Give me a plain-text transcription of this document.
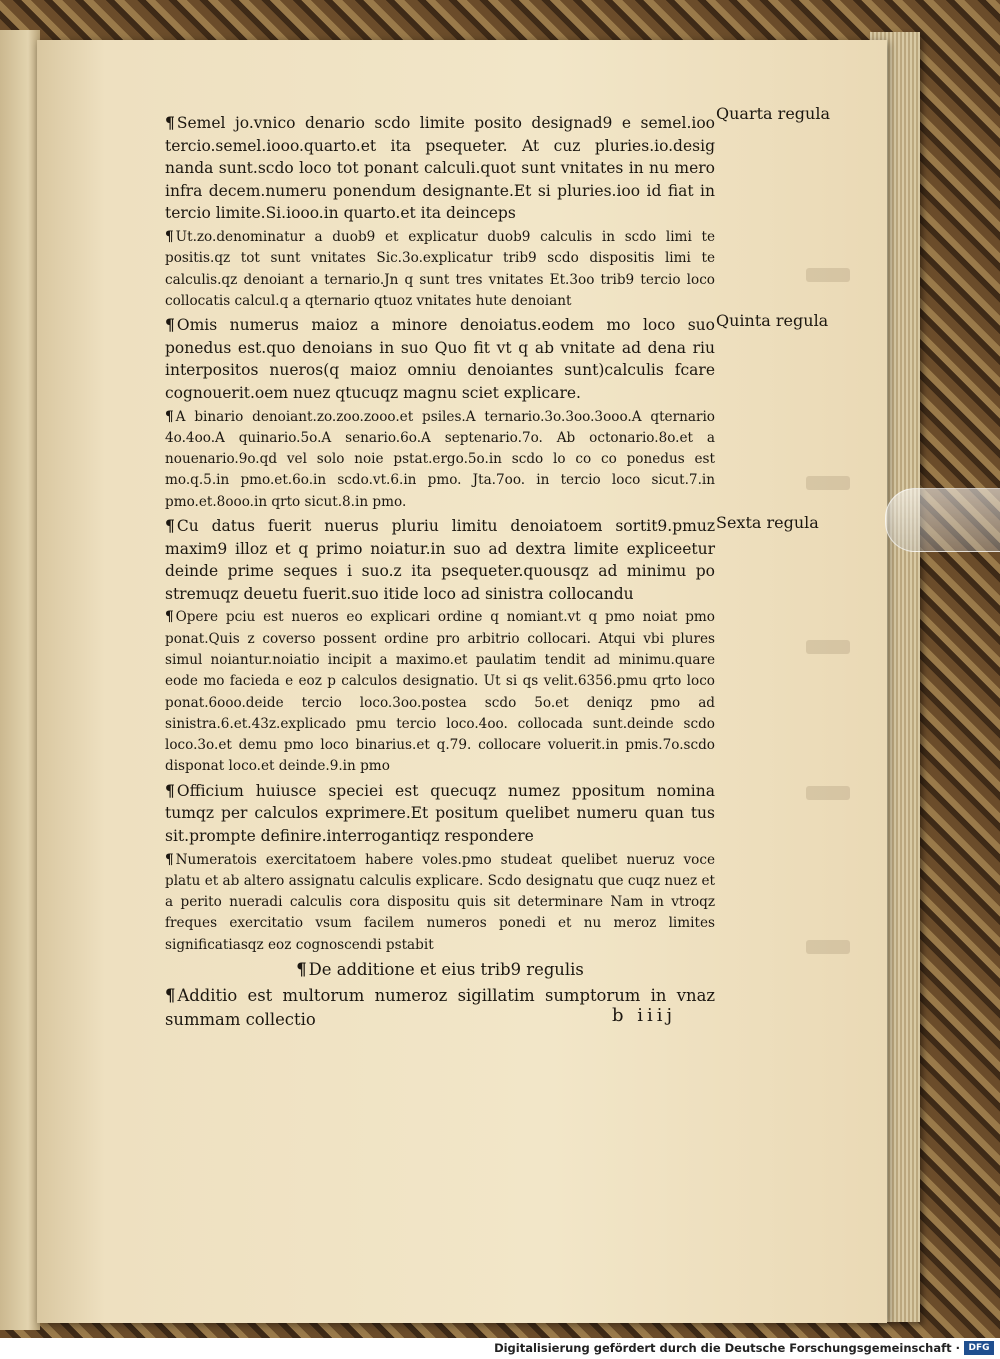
¶ Semel jo.vnico denario scdo limite posito designad9 e semel.ioo tercio.semel.iooo.quarto.et ita psequeter. At cuz pluries.io.desig nanda sunt.scdo loco tot ponant calculi.quot sunt vnitates in nu mero infra decem.numeru ponendum designante.Et si pluries.ioo id fiat in tercio limite.Si.iooo.in quarto.et ita deinceps

¶ Ut.zo.denominatur a duob9 et explicatur duob9 calculis in scdo limi te positis.qz tot sunt vnitates Sic.3o.explicatur trib9 scdo dispositis limi te calculis.qz denoiant a ternario.Jn q sunt tres vnitates Et.3oo trib9 tercio loco collocatis calcul.q a qternario qtuoz vnitates hute denoiant

¶ Omis numerus maioz a minore denoiatus.eodem mo loco suo ponedus est.quo denoians in suo Quo fit vt q ab vnitate ad dena riu interpositos nueros(q maioz omniu denoiantes sunt)calculis fcare cognouerit.oem nuez qtucuqz magnu sciet explicare.

¶ A binario denoiant.zo.zoo.zooo.et psiles.A ternario.3o.3oo.3ooo.A qternario 4o.4oo.A quinario.5o.A senario.6o.A septenario.7o. Ab octonario.8o.et a nouenario.9o.qd vel solo noie pstat.ergo.5o.in scdo lo co co ponedus est mo.q.5.in pmo.et.6o.in scdo.vt.6.in pmo. Jta.7oo. in tercio loco sicut.7.in pmo.et.8ooo.in qrto sicut.8.in pmo.

¶ Cu datus fuerit nuerus pluriu limitu denoiatoem sortit9.pmuz maxim9 illoz et q primo noiatur.in suo ad dextra limite expliceetur deinde prime seques i suo.z ita psequeter.quousqz ad minimu po stremuqz deuetu fuerit.suo itide loco ad sinistra collocandu

¶ Opere pciu est nueros eo explicari ordine q nomiant.vt q pmo noiat pmo ponat.Quis z coverso possent ordine pro arbitrio collocari. Atqui vbi plures simul noiantur.noiatio incipit a maximo.et paulatim tendit ad minimu.quare eode mo facieda e eoz p calculos designatio. Ut si qs velit.6356.pmu qrto loco ponat.6ooo.deide tercio loco.3oo.postea scdo 5o.et deniqz pmo ad sinistra.6.et.43z.explicado pmu tercio loco.4oo. collocada sunt.deinde scdo loco.3o.et demu pmo loco binarius.et q.79. collocare voluerit.in pmis.7o.scdo disponat loco.et deinde.9.in pmo

¶ Officium huiusce speciei est quecuqz numez ppositum nomina tumqz per calculos exprimere.Et positum quelibet numeru quan tus sit.prompte definire.interrogantiqz respondere

¶ Numeratois exercitatoem habere voles.pmo studeat quelibet nueruz voce platu et ab altero assignatu calculis explicare. Scdo designatu que cuqz nuez et a perito nueradi calculis cora dispositu quis sit determinare Nam in vtroqz freques exercitatio vsum facilem numeros ponedi et nu meroz limites significatiasqz eoz cognoscendi pstabit

¶ De additione et eius trib9 regulis

¶ Additio est multorum numeroz sigillatim sumptorum in vnaz summam collectio	b iiij
Quarta regula
Quinta regula
Sexta regula
Digitalisierung gefördert durch die Deutsche Forschungsgemeinschaft · DFG
